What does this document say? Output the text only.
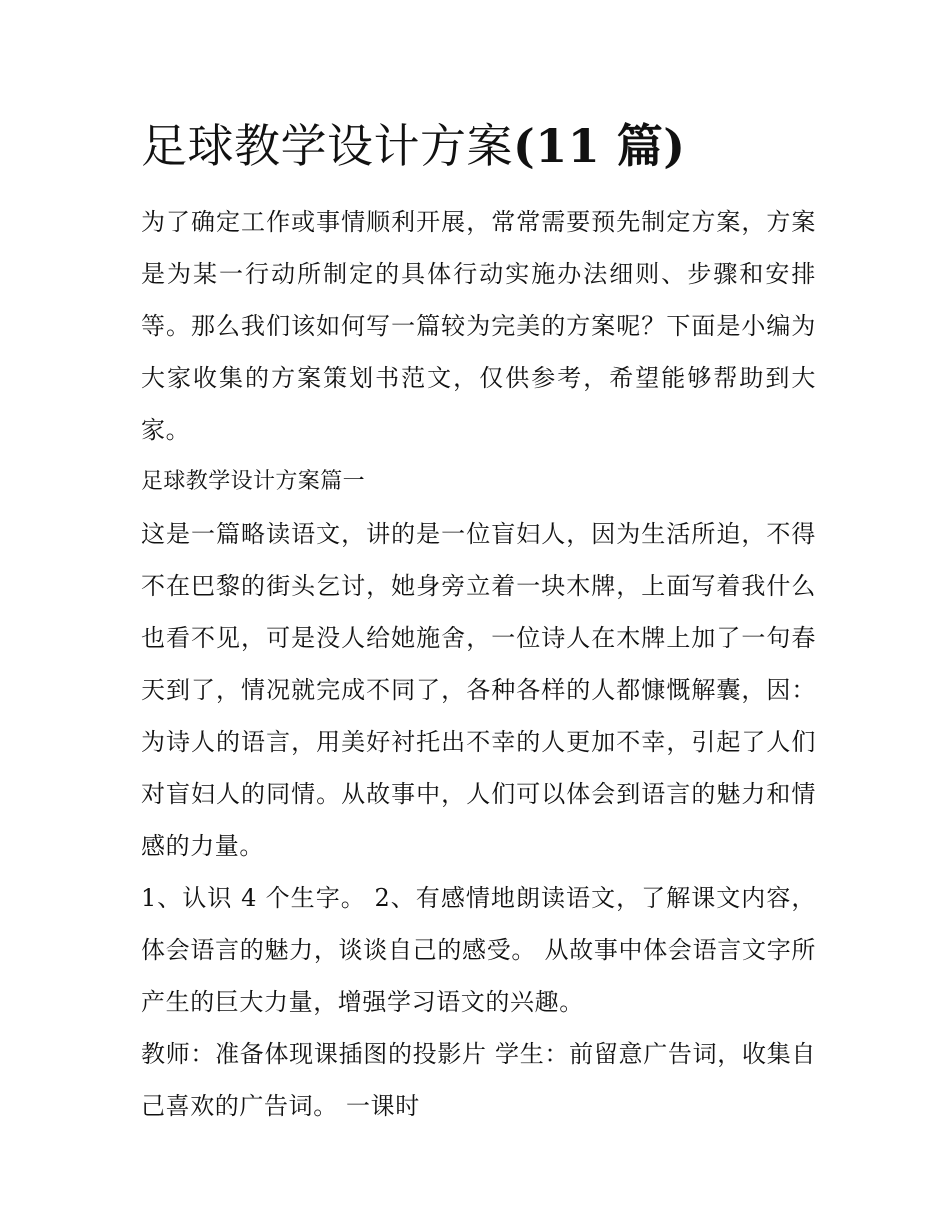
足球教学设计方案(11 篇)

为了确定工作或事情顺利开展，常常需要预先制定方案，方案是为某一行动所制定的具体行动实施办法细则、步骤和安排等。那么我们该如何写一篇较为完美的方案呢？下面是小编为大家收集的方案策划书范文，仅供参考，希望能够帮助到大家。

足球教学设计方案篇一

这是一篇略读语文，讲的是一位盲妇人，因为生活所迫，不得不在巴黎的街头乞讨，她身旁立着一块木牌，上面写着我什么也看不见，可是没人给她施舍，一位诗人在木牌上加了一句春天到了，情况就完成不同了，各种各样的人都慷慨解囊，因：为诗人的语言，用美好衬托出不幸的人更加不幸，引起了人们对盲妇人的同情。从故事中，人们可以体会到语言的魅力和情感的力量。

1、认识 4 个生字。 2、有感情地朗读语文，了解课文内容，体会语言的魅力，谈谈自己的感受。 从故事中体会语言文字所产生的巨大力量，增强学习语文的兴趣。

教师：准备体现课插图的投影片 学生：前留意广告词，收集自己喜欢的广告词。 一课时
